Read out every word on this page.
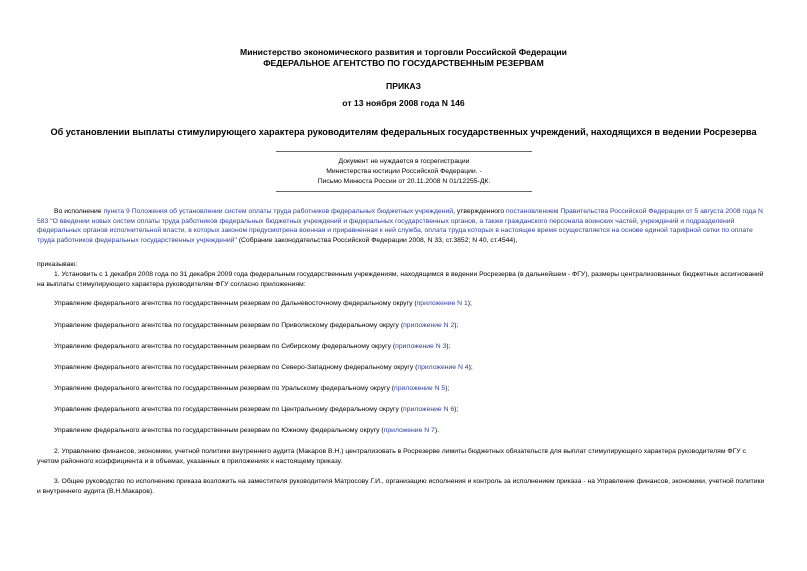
Министерство экономического развития и торговли Российской Федерации
ФЕДЕРАЛЬНОЕ АГЕНТСТВО ПО ГОСУДАРСТВЕННЫМ РЕЗЕРВАМ
ПРИКАЗ
от 13 ноября 2008 года N 146
Об установлении выплаты стимулирующего характера руководителям федеральных государственных учреждений, находящихся в ведении Росрезерва
Документ не нуждается в госрегистрации
Министерства юстиции Российской Федерации. -
Письмо Минюста России от 20.11.2008 N 01/12255-ДК.
Во исполнение пункта 9 Положения об установлении систем оплаты труда работников федеральных бюджетных учреждений, утвержденного постановлением Правительства Российской Федерации от 5 августа 2008 года N 583 "О введении новых систем оплаты труда работников федеральных бюджетных учреждений и федеральных государственных органов, а также гражданского персонала воинских частей, учреждений и подразделений федеральных органов исполнительной власти, в которых законом предусмотрена военная и приравненная к ней служба, оплата труда которых в настоящее время осуществляется на основе единой тарифной сетки по оплате труда работников федеральных государственных учреждений" (Собрание законодательства Российской Федерации 2008, N 33, ст.3852; N 40, ст.4544),
приказываю:
1. Установить с 1 декабря 2008 года по 31 декабря 2009 года федеральным государственным учреждениям, находящимся в ведении Росрезерва (в дальнейшем - ФГУ), размеры централизованных бюджетных ассигнований на выплаты стимулирующего характера руководителям ФГУ согласно приложениям:
Управление федерального агентства по государственным резервам по Дальневосточному федеральному округу (приложение N 1);
Управление федерального агентства по государственным резервам по Приволжскому федеральному округу (приложение N 2);
Управление федерального агентства по государственным резервам по Сибирскому федеральному округу (приложение N 3);
Управление федерального агентства по государственным резервам по Северо-Западному федеральному округу (приложение N 4);
Управление федерального агентства по государственным резервам по Уральскому федеральному округу (приложение N 5);
Управление федерального агентства по государственным резервам по Центральному федеральному округу (приложение N 6);
Управление федерального агентства по государственным резервам по Южному федеральному округу (приложение N 7).
2. Управлению финансов, экономики, учетной политики внутреннего аудита (Макаров В.Н.) централизовать в Росрезерве лимиты бюджетных обязательств для выплат стимулирующего характера руководителям ФГУ с учетом районного коэффициента и в объемах, указанных в приложениях к настоящему приказу.
3. Общее руководство по исполнению приказа возложить на заместителя руководителя Матросову Г.И., организацию исполнения и контроль за исполнением приказа - на Управление финансов, экономики, учетной политики и внутреннего аудита (В.Н.Макаров).
